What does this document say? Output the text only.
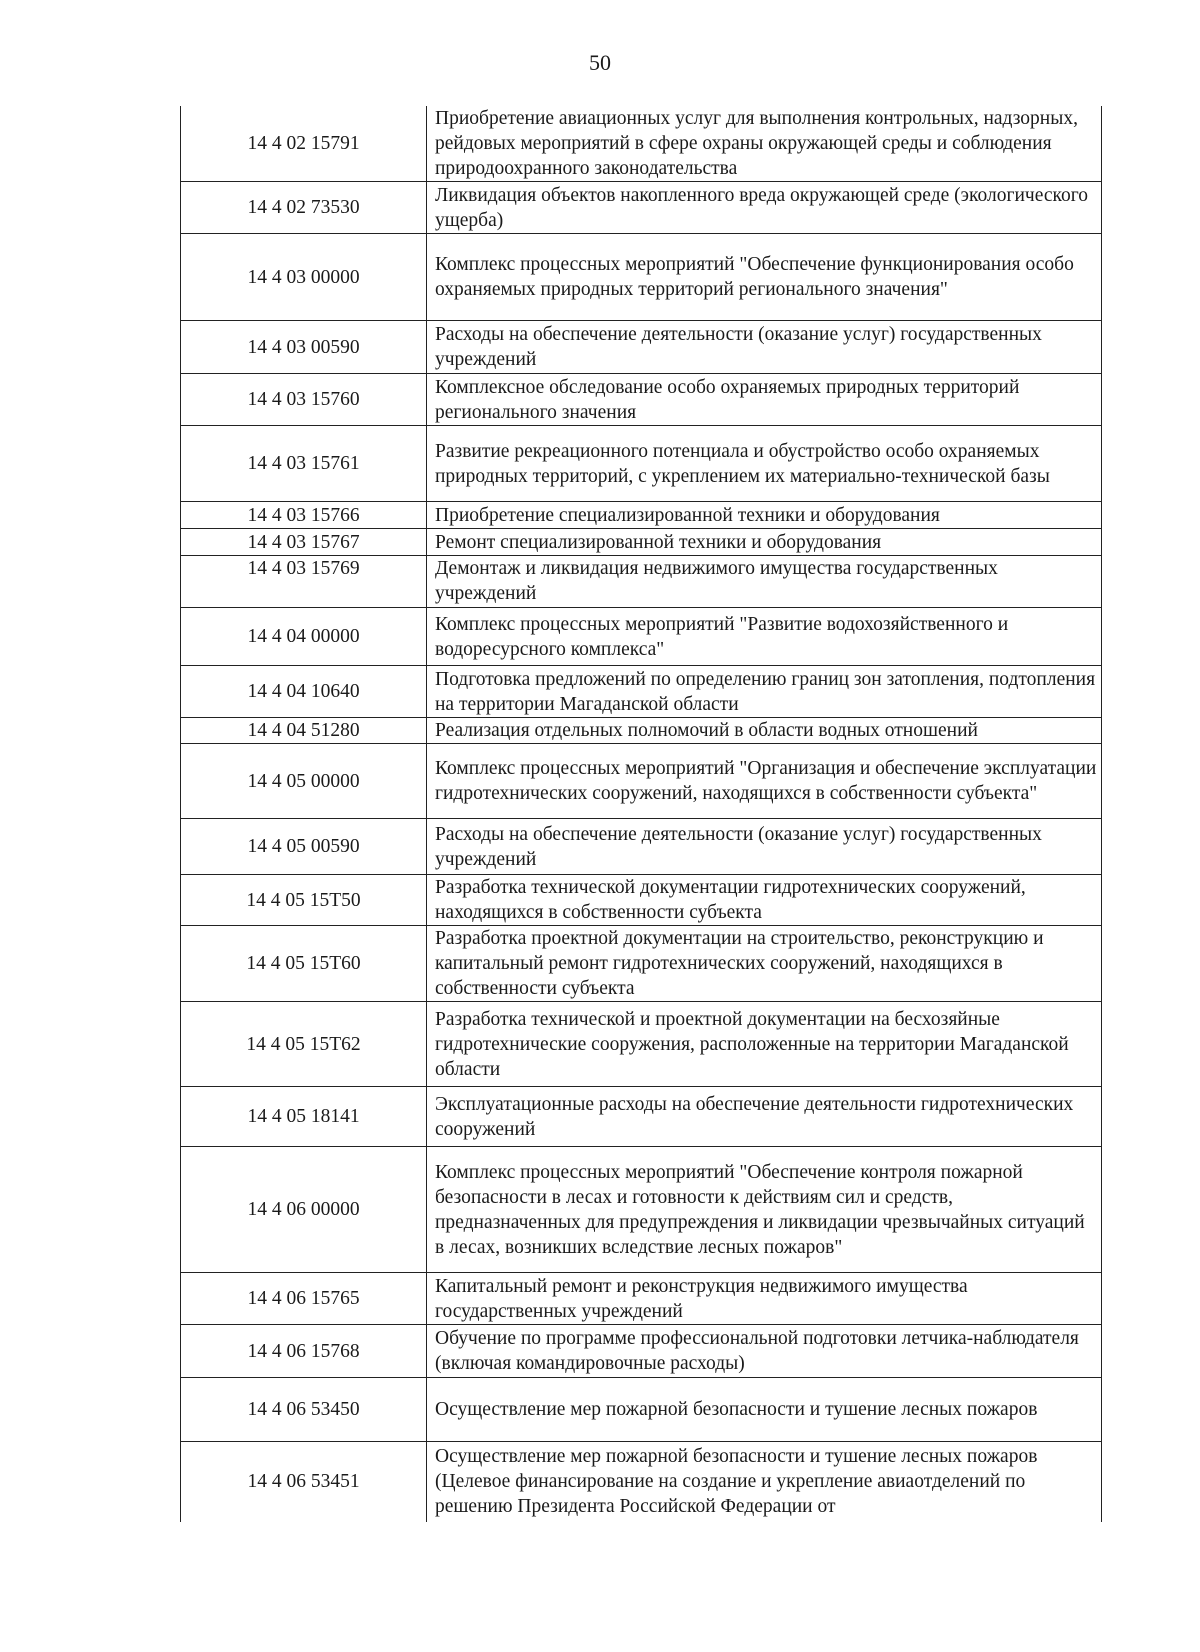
50
14 4 02 15791	Приобретение авиационных услуг для выполнения контрольных, надзорных, рейдовых мероприятий в сфере охраны окружающей среды и соблюдения природоохранного законодательства
14 4 02 73530	Ликвидация объектов накопленного вреда окружающей среде (экологического ущерба)
14 4 03 00000	Комплекс процессных мероприятий "Обеспечение функционирования особо охраняемых природных территорий регионального значения"
14 4 03 00590	Расходы на обеспечение деятельности (оказание услуг) государственных учреждений
14 4 03 15760	Комплексное обследование особо охраняемых природных территорий регионального значения
14 4 03 15761	Развитие рекреационного потенциала и обустройство особо охраняемых природных территорий, с укреплением их материально-технической базы
14 4 03 15766	Приобретение специализированной техники и оборудования
14 4 03 15767	Ремонт специализированной техники и оборудования
14 4 03 15769	Демонтаж и ликвидация недвижимого имущества государственных учреждений
14 4 04 00000	Комплекс процессных мероприятий "Развитие водохозяйственного и водоресурсного комплекса"
14 4 04 10640	Подготовка предложений по определению границ зон затопления, подтопления на территории Магаданской области
14 4 04 51280	Реализация отдельных полномочий в области водных отношений
14 4 05 00000	Комплекс процессных мероприятий "Организация и обеспечение эксплуатации гидротехнических сооружений, находящихся в собственности субъекта"
14 4 05 00590	Расходы на обеспечение деятельности (оказание услуг) государственных учреждений
14 4 05 15Т50	Разработка технической документации гидротехнических сооружений, находящихся в собственности субъекта
14 4 05 15Т60	Разработка проектной документации на строительство, реконструкцию и капитальный ремонт гидротехнических сооружений, находящихся в собственности субъекта
14 4 05 15Т62	Разработка технической и проектной документации на бесхозяйные гидротехнические сооружения, расположенные на территории Магаданской области
14 4 05 18141	Эксплуатационные расходы на обеспечение деятельности гидротехнических сооружений
14 4 06 00000	Комплекс процессных мероприятий "Обеспечение контроля пожарной безопасности в лесах и готовности к действиям сил и средств, предназначенных для предупреждения и ликвидации чрезвычайных ситуаций в лесах, возникших вследствие лесных пожаров"
14 4 06 15765	Капитальный ремонт и реконструкция недвижимого имущества государственных учреждений
14 4 06 15768	Обучение по программе профессиональной подготовки летчика-наблюдателя (включая командировочные расходы)
14 4 06 53450	Осуществление мер пожарной безопасности и тушение лесных пожаров
14 4 06 53451	Осуществление мер пожарной безопасности и тушение лесных пожаров (Целевое финансирование на создание и укрепление авиаотделений по решению Президента Российской Федерации от
